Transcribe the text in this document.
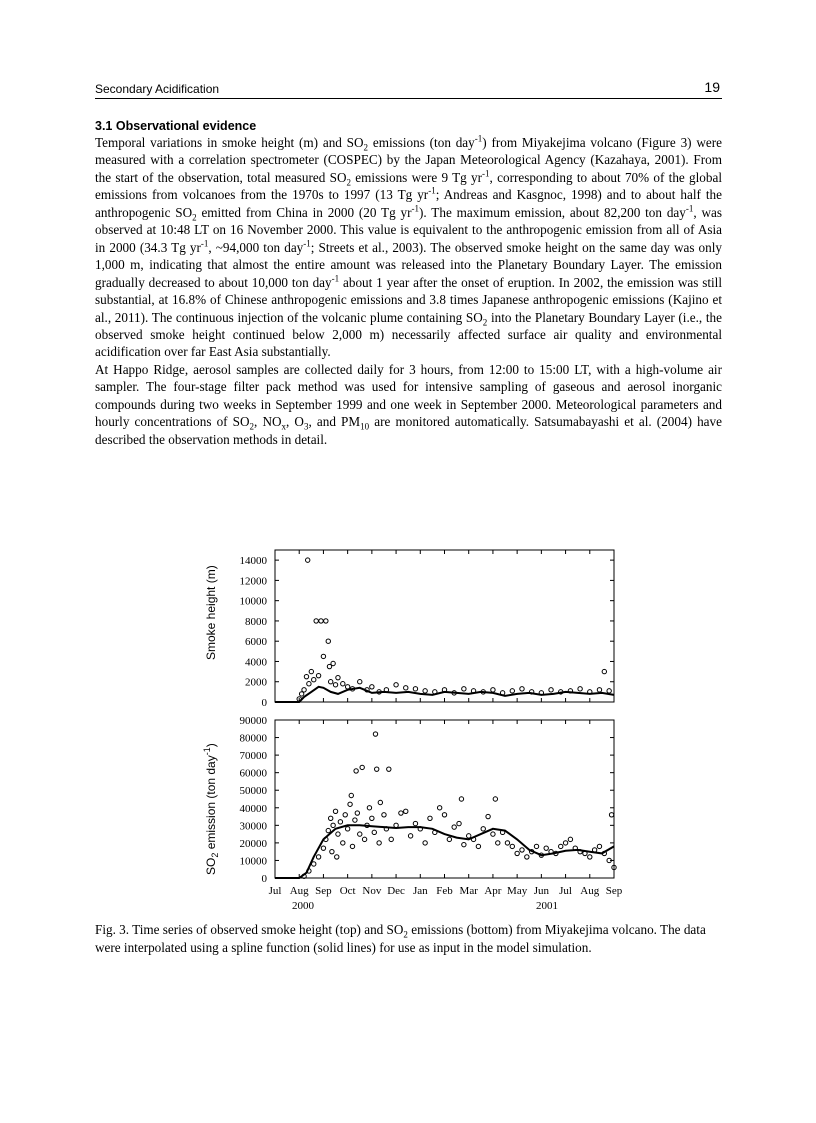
Secondary Acidification	19
3.1 Observational evidence

Temporal variations in smoke height (m) and $SO_2$ emissions (ton day$^{-1}$) from Miyakejima volcano (Figure 3) were measured with a correlation spectrometer (COSPEC) by the Japan Meteorological Agency (Kazahaya, 2001). From the start of the observation, total measured $SO_2$ emissions were 9 Tg $yr^{-1}$, corresponding to about 70% of the global emissions from volcanoes from the 1970s to 1997 (13 Tg $yr^{-1}$; Andreas and Kasgnoc, 1998) and to about half the anthropogenic $SO_2$ emitted from China in 2000 (20 Tg $yr^{-1}$). The maximum emission, about 82,200 ton day$^{-1}$, was observed at 10:48 LT on 16 November 2000. This value is equivalent to the anthropogenic emission from all of Asia in 2000 (34.3 Tg $yr^{-1}$, ~94,000 ton day$^{-1}$; Streets et al., 2003). The observed smoke height on the same day was only 1,000 m, indicating that almost the entire amount was released into the Planetary Boundary Layer. The emission gradually decreased to about 10,000 ton day$^{-1}$ about 1 year after the onset of eruption. In 2002, the emission was still substantial, at 16.8% of Chinese anthropogenic emissions and 3.8 times Japanese anthropogenic emissions (Kajino et al., 2011). The continuous injection of the volcanic plume containing $SO_2$ into the Planetary Boundary Layer (i.e., the observed smoke height continued below 2,000 m) necessarily affected surface air quality and environmental acidification over far East Asia substantially.

At Happo Ridge, aerosol samples are collected daily for 3 hours, from 12:00 to 15:00 LT, with a high-volume air sampler. The four-stage filter pack method was used for intensive sampling of gaseous and aerosol inorganic compounds during two weeks in September 1999 and one week in September 2000. Meteorological parameters and hourly concentrations of $SO_2$, $NO_x$, $O_3$, and $PM_{10}$ are monitored automatically. Satsumabayashi et al. (2004) have described the observation methods in detail.

0
2000
4000
6000
8000
10000
12000
14000
Smoke height (m)
0
10000
20000
30000
40000
50000
60000
70000
80000
90000
$SO_2$ emission (ton day$^{-1}$)
Jul Aug Sep Oct Nov Dec Jan Feb Mar Apr May Jun Jul Aug Sep
2000	2001

Fig. 3. Time series of observed smoke height (top) and $SO_2$ emissions (bottom) from Miyakejima volcano. The data were interpolated using a spline function (solid lines) for use as input in the model simulation.
